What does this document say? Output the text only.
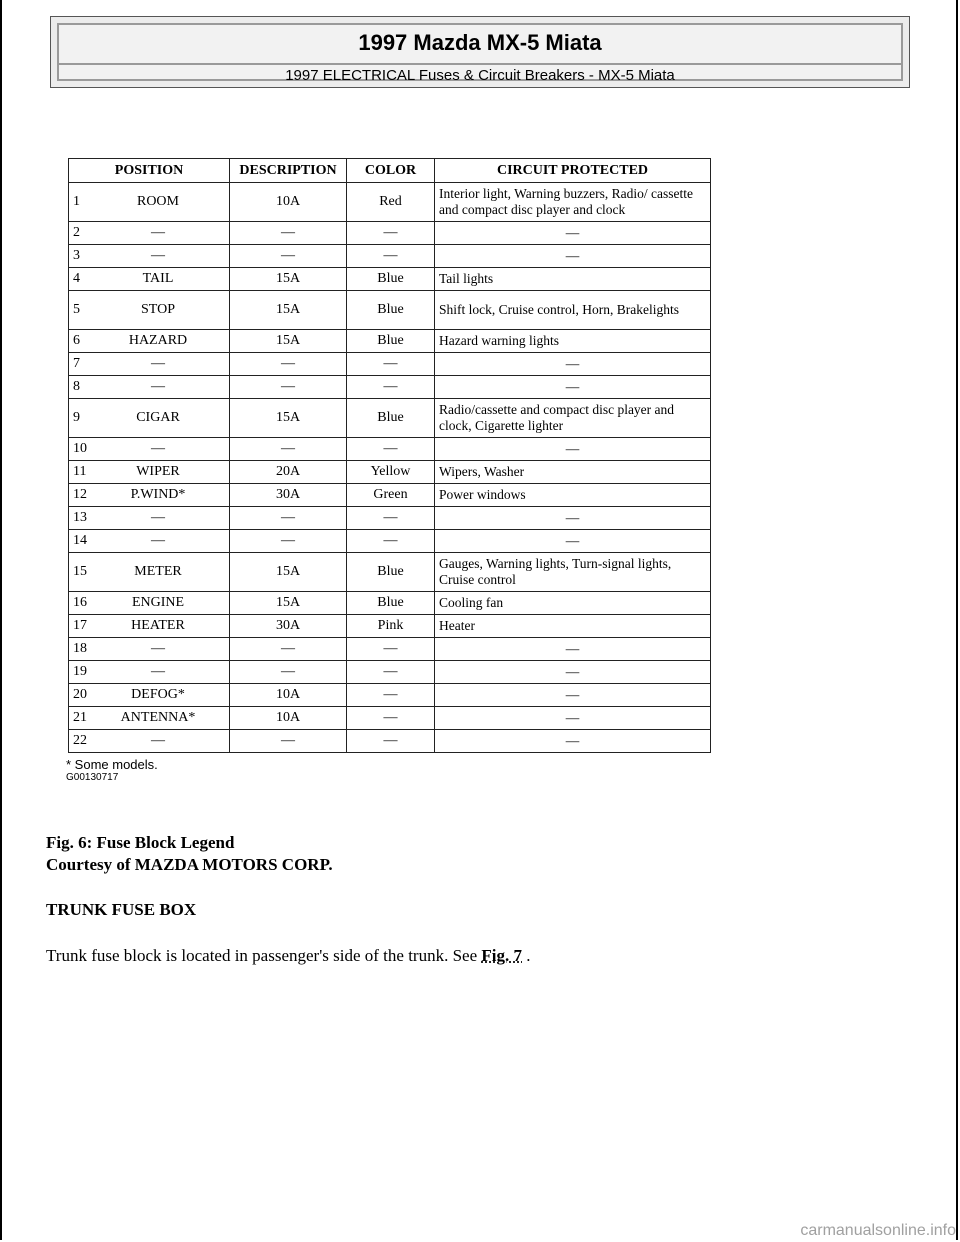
1997 Mazda MX-5 Miata
1997 ELECTRICAL Fuses & Circuit Breakers - MX-5 Miata
POSITION	DESCRIPTION	COLOR	CIRCUIT PROTECTED

1 ROOM	10A	Red	Interior light, Warning buzzers, Radio/ cassette and compact disc player and clock

2 —	—	—	—

3 —	—	—	—

4 TAIL	15A	Blue	Tail lights

5 STOP	15A	Blue	Shift lock, Cruise control, Horn, Brakelights

6 HAZARD	15A	Blue	Hazard warning lights

7 —	—	—	—

8 —	—	—	—

9 CIGAR	15A	Blue	Radio/cassette and compact disc player and clock, Cigarette lighter

10 —	—	—	—

11 WIPER	20A	Yellow	Wipers, Washer

12 P.WIND*	30A	Green	Power windows

13 —	—	—	—

14 —	—	—	—

15 METER	15A	Blue	Gauges, Warning lights, Turn-signal lights, Cruise control

16 ENGINE	15A	Blue	Cooling fan

17 HEATER	30A	Pink	Heater

18 —	—	—	—

19 —	—	—	—

20 DEFOG*	10A	—	—

21 ANTENNA*	10A	—	—

22 —	—	—	—
* Some models.
G00130717
Fig. 6: Fuse Block Legend
Courtesy of MAZDA MOTORS CORP.
TRUNK FUSE BOX
Trunk fuse block is located in passenger's side of the trunk. See Fig. 7 .
carmanualsonline.info
